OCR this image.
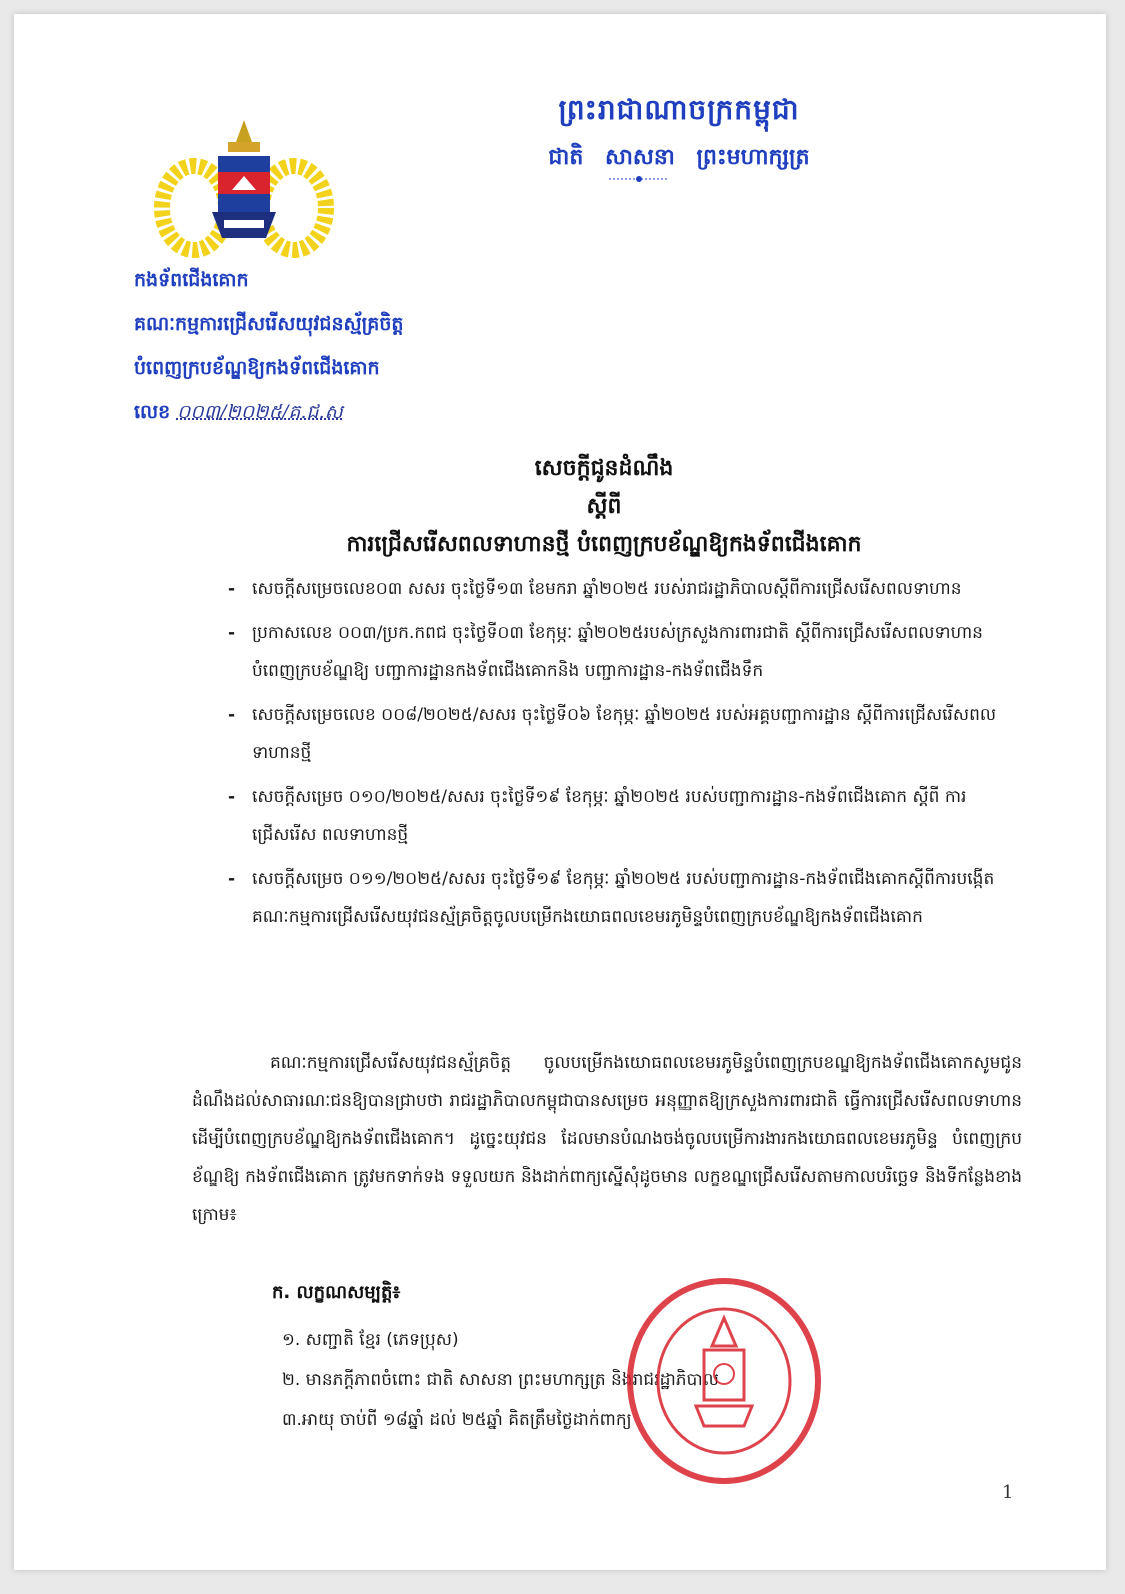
ព្រះរាជាណាចក្រកម្ពុជា
ជាតិ សាសនា ព្រះមហាក្សត្រ
កងទ័ពជើងគោក
គណៈកម្មការជ្រើសរើសយុវជនស្ម័គ្រចិត្ត
បំពេញក្របខ័ណ្ឌឱ្យកងទ័ពជើងគោក
លេខ ០០៣/២០២៥/គ.ជ.ស
សេចក្តីជូនដំណឹង
ស្តីពី
ការជ្រើសរើសពលទាហានថ្មី បំពេញក្របខ័ណ្ឌឱ្យកងទ័ពជើងគោក
- សេចក្តីសម្រេចលេខ០៣ សសរ ចុះថ្ងៃទី១៣ ខែមករា ឆ្នាំ២០២៥ របស់រាជរដ្ឋាភិបាលស្តីពីការជ្រើសរើសពលទាហាន
- ប្រកាសលេខ ០០៣/ប្រក.កពជ ចុះថ្ងៃទី០៣ ខែកុម្ភៈ ឆ្នាំ២០២៥របស់ក្រសួងការពារជាតិ ស្តីពីការជ្រើសរើសពលទាហាន បំពេញក្របខ័ណ្ឌឱ្យ បញ្ជាការដ្ឋានកងទ័ពជើងគោកនិង បញ្ជាការដ្ឋាន-កងទ័ពជើងទឹក
- សេចក្តីសម្រេចលេខ ០០៨/២០២៥/សសរ ចុះថ្ងៃទី០៦ ខែកុម្ភៈ ឆ្នាំ២០២៥ របស់អគ្គបញ្ជាការដ្ឋាន ស្តីពីការជ្រើសរើសពលទាហានថ្មី
- សេចក្តីសម្រេច ០១០/២០២៥/សសរ ចុះថ្ងៃទី១៩ ខែកុម្ភៈ ឆ្នាំ២០២៥ របស់បញ្ជាការដ្ឋាន-កងទ័ពជើងគោក ស្តីពី ការជ្រើសរើស ពលទាហានថ្មី
- សេចក្តីសម្រេច ០១១/២០២៥/សសរ ចុះថ្ងៃទី១៩ ខែកុម្ភៈ ឆ្នាំ២០២៥ របស់បញ្ជាការដ្ឋាន-កងទ័ពជើងគោកស្តីពីការបង្កើតគណៈកម្មការជ្រើសរើសយុវជនស្ម័គ្រចិត្តចូលបម្រើកងយោធពលខេមរភូមិន្ទបំពេញក្របខ័ណ្ឌឱ្យកងទ័ពជើងគោក
គណៈកម្មការជ្រើសរើសយុវជនស្ម័គ្រចិត្ត ចូលបម្រើកងយោធពលខេមរភូមិន្ទបំពេញក្របខណ្ឌឱ្យកងទ័ពជើងគោកសូមជូនដំណឹងដល់សាធារណៈជនឱ្យបានជ្រាបថា រាជរដ្ឋាភិបាលកម្ពុជាបានសម្រេច អនុញ្ញាតឱ្យក្រសួងការពារជាតិ ធ្វើការជ្រើសរើសពលទាហាន ដើម្បីបំពេញក្របខ័ណ្ឌឱ្យកងទ័ពជើងគោក។ ដូច្នេះយុវជន ដែលមានបំណងចង់ចូលបម្រើការងារកងយោធពលខេមរភូមិន្ទ បំពេញក្របខ័ណ្ឌឱ្យ កងទ័ពជើងគោក ត្រូវមកទាក់ទង ទទួលយក និងដាក់ពាក្យស្នើសុំដូចមាន លក្ខខណ្ឌជ្រើសរើសតាមកាលបរិច្ឆេទ និងទីកន្លែងខាងក្រោម៖
ក. លក្ខណសម្បត្តិ៖
១. សញ្ជាតិ ខ្មែរ (ភេទប្រុស)
២. មានភក្តីភាពចំពោះ ជាតិ សាសនា ព្រះមហាក្សត្រ និងរាជរដ្ឋាភិបាល
៣.អាយុ ចាប់ពី ១៨ឆ្នាំ ដល់ ២៥ឆ្នាំ គិតត្រឹមថ្ងៃដាក់ពាក្យ
1
